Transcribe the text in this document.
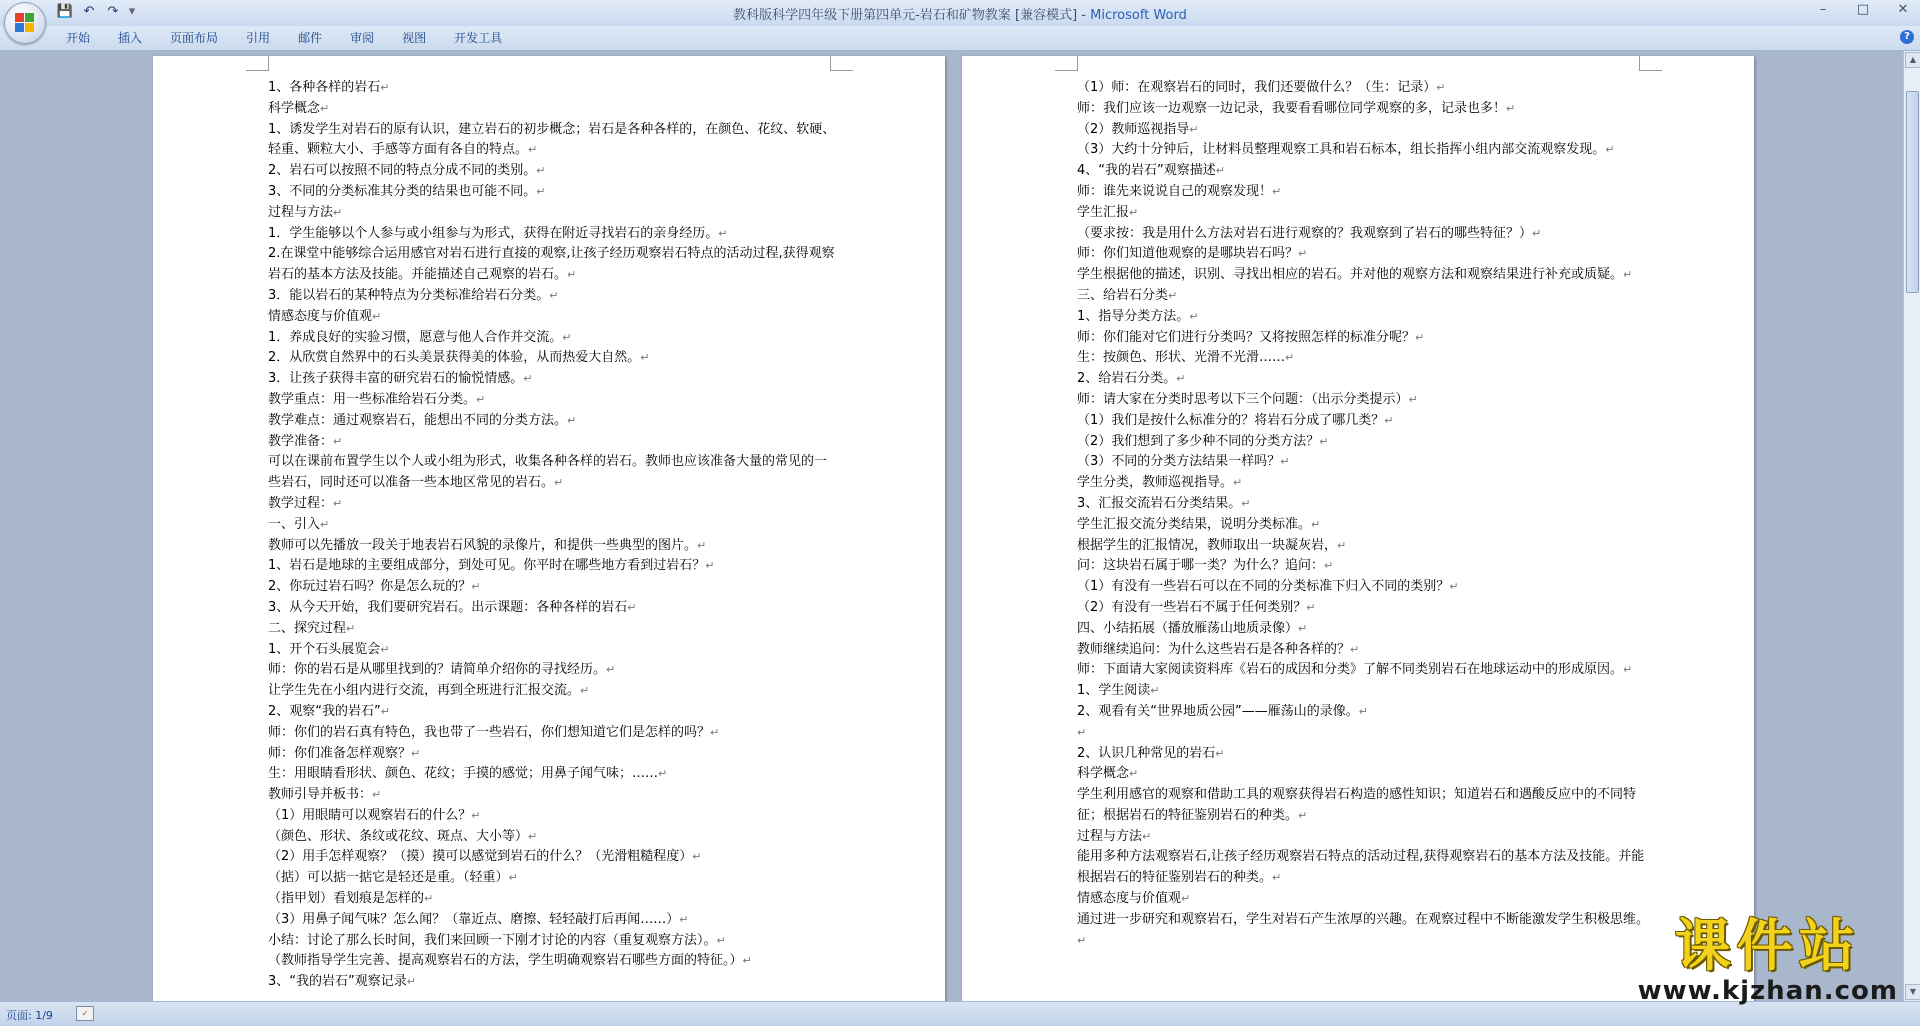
💾 ↶ ↷ ▾	教科版科学四年级下册第四单元-岩石和矿物教案 [兼容模式] - Microsoft Word	–	□	✕
开始	插入	页面布局	引用	邮件	审阅	视图	开发工具	?

1、各种各样的岩石↵

科学概念↵

1、诱发学生对岩石的原有认识，建立岩石的初步概念；岩石是各种各样的，在颜色、花纹、软硬、轻重、颗粒大小、手感等方面有各自的特点。↵

2、岩石可以按照不同的特点分成不同的类别。↵

3、不同的分类标准其分类的结果也可能不同。↵

过程与方法↵

1．学生能够以个人参与或小组参与为形式，获得在附近寻找岩石的亲身经历。↵

2.在课堂中能够综合运用感官对岩石进行直接的观察,让孩子经历观察岩石特点的活动过程,获得观察岩石的基本方法及技能。并能描述自己观察的岩石。↵

3．能以岩石的某种特点为分类标准给岩石分类。↵

情感态度与价值观↵

1．养成良好的实验习惯，愿意与他人合作并交流。↵

2．从欣赏自然界中的石头美景获得美的体验，从而热爱大自然。↵

3．让孩子获得丰富的研究岩石的愉悦情感。↵

教学重点：用一些标准给岩石分类。↵

教学难点：通过观察岩石，能想出不同的分类方法。↵

教学准备：↵

可以在课前布置学生以个人或小组为形式，收集各种各样的岩石。教师也应该准备大量的常见的一些岩石，同时还可以准备一些本地区常见的岩石。↵

教学过程：↵

一、引入↵

教师可以先播放一段关于地表岩石风貌的录像片，和提供一些典型的图片。↵

1、岩石是地球的主要组成部分，到处可见。你平时在哪些地方看到过岩石？↵

2、你玩过岩石吗？你是怎么玩的？↵

3、从今天开始，我们要研究岩石。出示课题：各种各样的岩石↵

二、探究过程↵

1、开个石头展览会↵

师：你的岩石是从哪里找到的？请简单介绍你的寻找经历。↵

让学生先在小组内进行交流，再到全班进行汇报交流。↵

2、观察“我的岩石”↵

师：你们的岩石真有特色，我也带了一些岩石，你们想知道它们是怎样的吗？↵

师：你们准备怎样观察？↵

生：用眼睛看形状、颜色、花纹；手摸的感觉；用鼻子闻气味；……↵

教师引导并板书：↵

（1）用眼睛可以观察岩石的什么？↵

（颜色、形状、条纹或花纹、斑点、大小等）↵

（2）用手怎样观察？（摸）摸可以感觉到岩石的什么？（光滑粗糙程度）↵

（掂）可以掂一掂它是轻还是重。（轻重）↵

（指甲划）看划痕是怎样的↵

（3）用鼻子闻气味？怎么闻？（靠近点、磨擦、轻轻敲打后再闻……）↵

小结：讨论了那么长时间，我们来回顾一下刚才讨论的内容（重复观察方法）。↵

（教师指导学生完善、提高观察岩石的方法，学生明确观察岩石哪些方面的特征。）↵

3、“我的岩石”观察记录↵

（1）师：在观察岩石的同时，我们还要做什么？（生：记录）↵

师：我们应该一边观察一边记录，我要看看哪位同学观察的多，记录也多！↵

（2）教师巡视指导↵

（3）大约十分钟后，让材料员整理观察工具和岩石标本，组长指挥小组内部交流观察发现。↵

4、“我的岩石”观察描述↵

师：谁先来说说自己的观察发现！↵

学生汇报↵

（要求按：我是用什么方法对岩石进行观察的？我观察到了岩石的哪些特征？）↵

师：你们知道他观察的是哪块岩石吗？↵

学生根据他的描述，识别、寻找出相应的岩石。并对他的观察方法和观察结果进行补充或质疑。↵

三、给岩石分类↵

1、指导分类方法。↵

师：你们能对它们进行分类吗？又将按照怎样的标准分呢？↵

生：按颜色、形状、光滑不光滑……↵

2、给岩石分类。↵

师：请大家在分类时思考以下三个问题：（出示分类提示）↵

（1）我们是按什么标准分的？将岩石分成了哪几类？↵

（2）我们想到了多少种不同的分类方法？↵

（3）不同的分类方法结果一样吗？↵

学生分类，教师巡视指导。↵

3、汇报交流岩石分类结果。↵

学生汇报交流分类结果，说明分类标准。↵

根据学生的汇报情况，教师取出一块凝灰岩，↵

问：这块岩石属于哪一类？为什么？追问：↵

（1）有没有一些岩石可以在不同的分类标准下归入不同的类别？↵

（2）有没有一些岩石不属于任何类别？↵

四、小结拓展（播放雁荡山地质录像）↵

教师继续追问：为什么这些岩石是各种各样的？↵

师：下面请大家阅读资料库《岩石的成因和分类》了解不同类别岩石在地球运动中的形成原因。↵

1、学生阅读↵

2、观看有关“世界地质公园”——雁荡山的录像。↵

↵

2、认识几种常见的岩石↵

科学概念↵

学生利用感官的观察和借助工具的观察获得岩石构造的感性知识；知道岩石和遇酸反应中的不同特征；根据岩石的特征鉴别岩石的种类。↵

过程与方法↵

能用多种方法观察岩石,让孩子经历观察岩石特点的活动过程,获得观察岩石的基本方法及技能。并能根据岩石的特征鉴别岩石的种类。↵

情感态度与价值观↵

通过进一步研究和观察岩石，学生对岩石产生浓厚的兴趣。在观察过程中不断能激发学生积极思维。↵

▲
▼
页面: 1/9	✓
课件站
www.kjzhan.com
